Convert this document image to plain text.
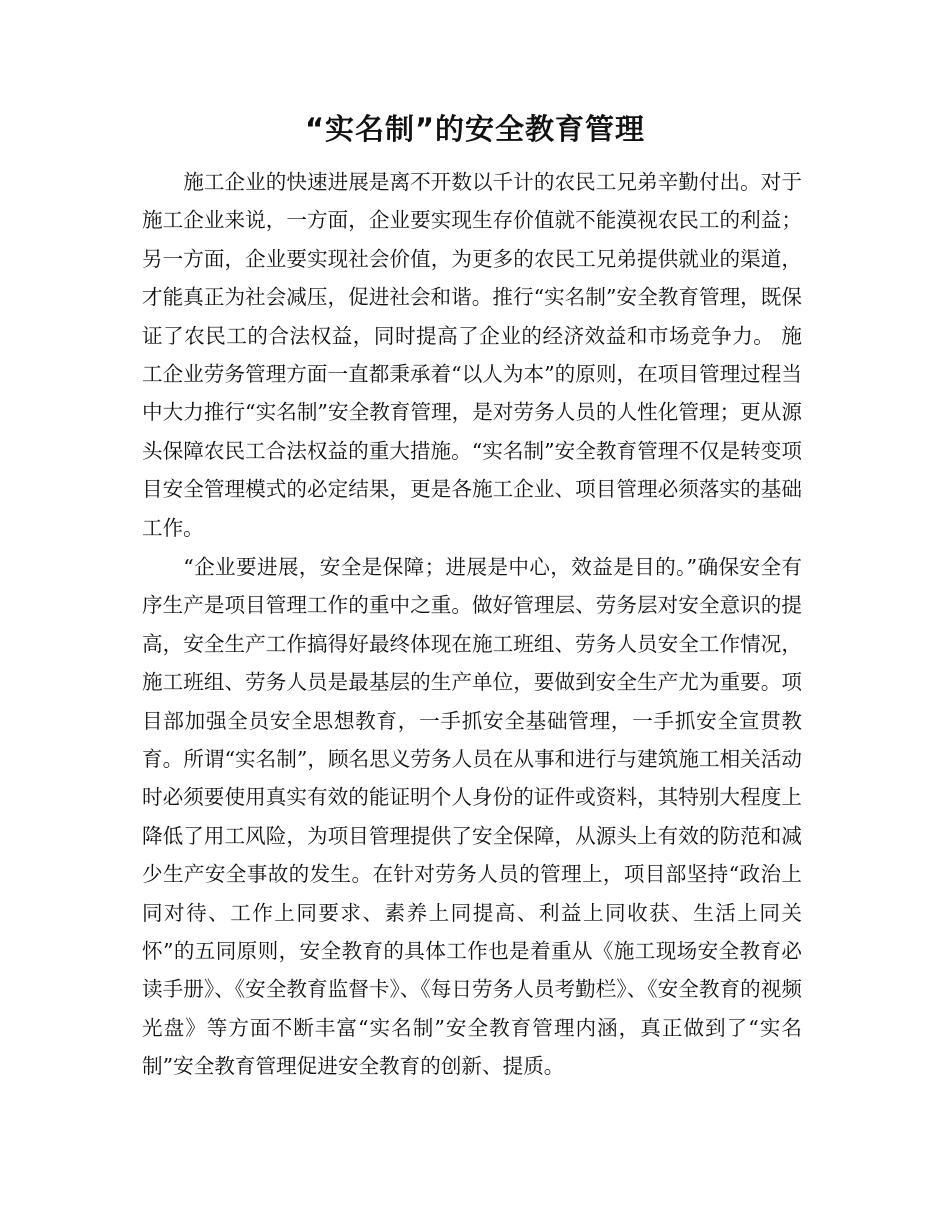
“实名制”的安全教育管理

施工企业的快速进展是离不开数以千计的农民工兄弟辛勤付出。对于施工企业来说，一方面，企业要实现生存价值就不能漠视农民工的利益；另一方面，企业要实现社会价值，为更多的农民工兄弟提供就业的渠道，才能真正为社会减压，促进社会和谐。推行“实名制”安全教育管理，既保证了农民工的合法权益，同时提高了企业的经济效益和市场竞争力。 施工企业劳务管理方面一直都秉承着“以人为本”的原则，在项目管理过程当中大力推行“实名制”安全教育管理，是对劳务人员的人性化管理；更从源头保障农民工合法权益的重大措施。“实名制”安全教育管理不仅是转变项目安全管理模式的必定结果，更是各施工企业、项目管理必须落实的基础工作。

“企业要进展，安全是保障；进展是中心，效益是目的。”确保安全有序生产是项目管理工作的重中之重。做好管理层、劳务层对安全意识的提高，安全生产工作搞得好最终体现在施工班组、劳务人员安全工作情况，施工班组、劳务人员是最基层的生产单位，要做到安全生产尤为重要。项目部加强全员安全思想教育，一手抓安全基础管理，一手抓安全宣贯教育。所谓“实名制”，顾名思义劳务人员在从事和进行与建筑施工相关活动时必须要使用真实有效的能证明个人身份的证件或资料，其特别大程度上降低了用工风险，为项目管理提供了安全保障，从源头上有效的防范和减少生产安全事故的发生。在针对劳务人员的管理上，项目部坚持“政治上同对待、工作上同要求、素养上同提高、利益上同收获、生活上同关怀”的五同原则，安全教育的具体工作也是着重从《施工现场安全教育必读手册》、《安全教育监督卡》、《每日劳务人员考勤栏》、《安全教育的视频光盘》等方面不断丰富“实名制”安全教育管理内涵，真正做到了“实名制”安全教育管理促进安全教育的创新、提质。
